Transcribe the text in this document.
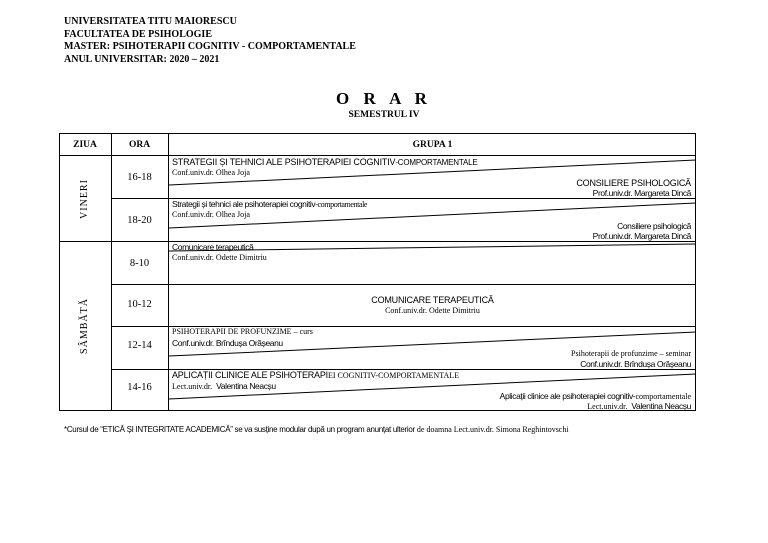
UNIVERSITATEA TITU MAIORESCU
FACULTATEA DE PSIHOLOGIE
MASTER: PSIHOTERAPII COGNITIV - COMPORTAMENTALE
ANUL UNIVERSITAR: 2020 – 2021
O R A R
SEMESTRUL IV
ZIUA	ORA	GRUPA 1
VINERI
SÂMBĂTĂ
16-18
18-20
8-10
10-12
12-14
14-16
STRATEGII ȘI TEHNICI ALE PSIHOTERAPIEI COGNITIV-COMPORTAMENTALE
Conf.univ.dr. Olhea Joja
CONSILIERE PSIHOLOGICĂ
Prof.univ.dr. Margareta Dincă
Strategii și tehnici ale psihoterapiei cognitiv-comportamentale
Conf.univ.dr. Olhea Joja
Consiliere psihologică
Prof.univ.dr. Margareta Dincă
Comunicare terapeutică
Conf.univ.dr. Odette Dimitriu
COMUNICARE TERAPEUTICĂ
Conf.univ.dr. Odette Dimitriu
PSIHOTERAPII DE PROFUNZIME – curs
Conf.univ.dr. Brîndușa Orășeanu
Psihoterapii de profunzime – seminar
Conf.univ.dr. Brîndușa Orășeanu
APLICAȚII CLINICE ALE PSIHOTERAPIEI COGNITIV-COMPORTAMENTALE
Lect.univ.dr. Valentina Neacșu
Aplicații clinice ale psihoterapiei cognitiv-comportamentale
Lect.univ.dr. Valentina Neacșu
*Cursul de “ETICĂ ȘI INTEGRITATE ACADEMICĂ” se va susține modular după un program anunțat ulterior de doamna Lect.univ.dr. Simona Reghintovschi
